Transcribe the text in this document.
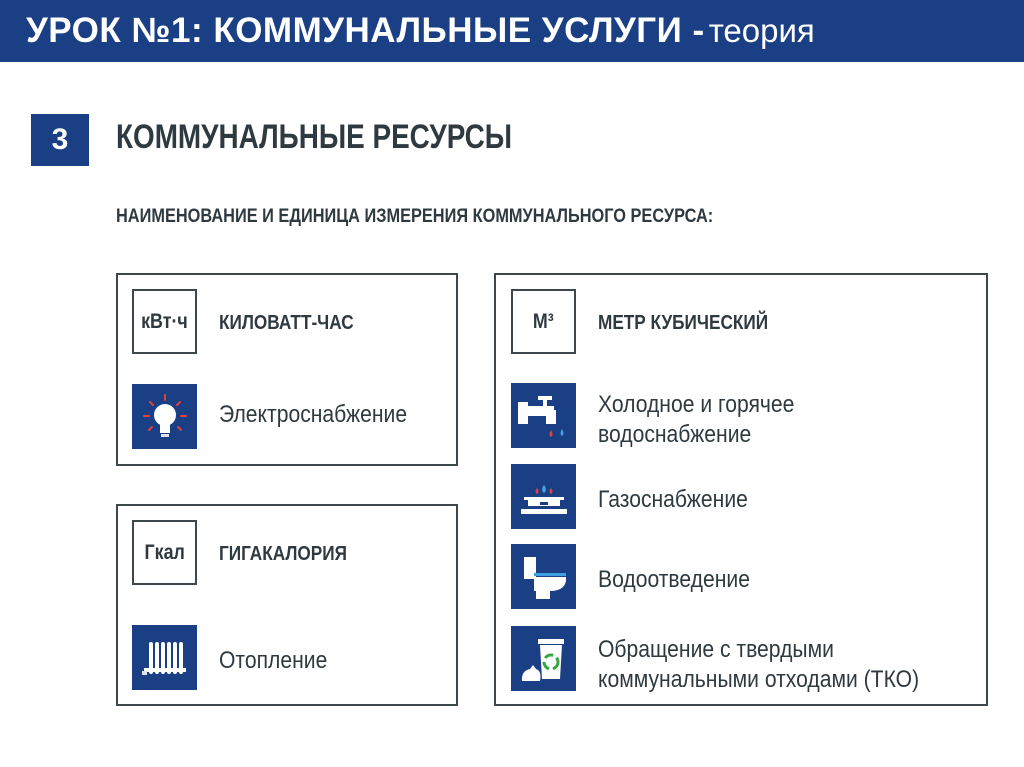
УРОК №1: КОММУНАЛЬНЫЕ УСЛУГИ - теория
3	КОММУНАЛЬНЫЕ РЕСУРСЫ
НАИМЕНОВАНИЕ И ЕДИНИЦА ИЗМЕРЕНИЯ КОММУНАЛЬНОГО РЕСУРСА:
кВт·ч КИЛОВАТТ-ЧАС
Электроснабжение
Гкал ГИГАКАЛОРИЯ
Отопление
М³ МЕТР КУБИЧЕСКИЙ
Холодное и горячее
водоснабжение
Газоснабжение
Водоотведение
Обращение с твердыми
коммунальными отходами (ТКО)
